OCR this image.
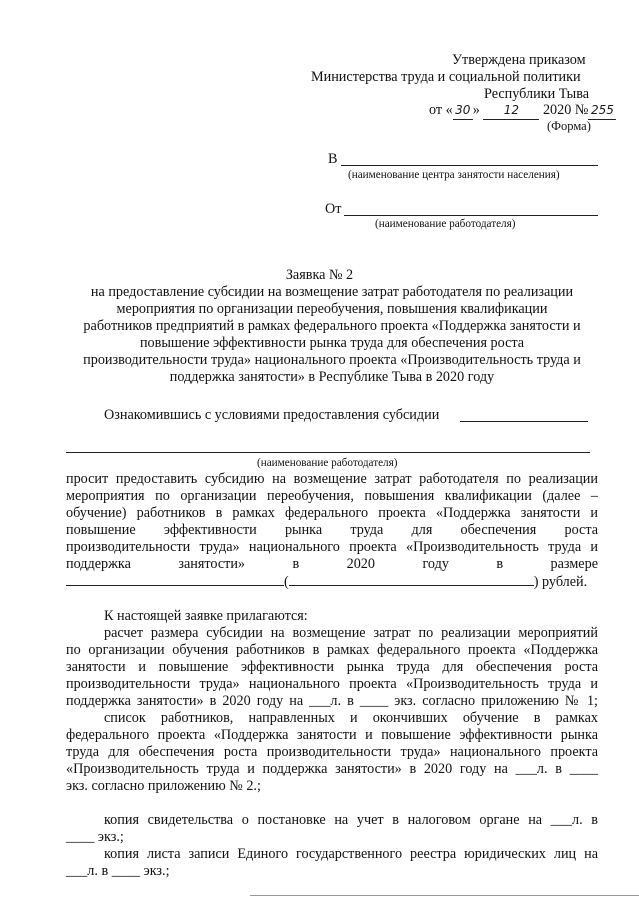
Утверждена приказом
Министерства труда и социальной политики
Республики Тыва
от « 30 » 12 2020 № 255
(Форма)
В
(наименование центра занятости населения)
От
(наименование работодателя)
Заявка № 2
на предоставление субсидии на возмещение затрат работодателя по реализации
мероприятия по организации переобучения, повышения квалификации
работников предприятий в рамках федерального проекта «Поддержка занятости и
повышение эффективности рынка труда для обеспечения роста
производительности труда» национального проекта «Производительность труда и
поддержка занятости» в Республике Тыва в 2020 году
Ознакомившись с условиями предоставления субсидии
(наименование работодателя)
просит предоставить субсидию на возмещение затрат работодателя по реализации
мероприятия по организации переобучения, повышения квалификации (далее –
обучение) работников в рамках федерального проекта «Поддержка занятости и
повышение эффективности рынка труда для обеспечения роста
производительности труда» национального проекта «Производительность труда и
поддержка занятости» в 2020 году в размере
(	) рублей.
К настоящей заявке прилагаются:
расчет размера субсидии на возмещение затрат по реализации мероприятий
по организации обучения работников в рамках федерального проекта «Поддержка
занятости и повышение эффективности рынка труда для обеспечения роста
производительности труда» национального проекта «Производительность труда и
поддержка занятости» в 2020 году на ___л. в ____ экз. согласно приложению № 1;
список работников, направленных и окончивших обучение в рамках
федерального проекта «Поддержка занятости и повышение эффективности рынка
труда для обеспечения роста производительности труда» национального проекта
«Производительность труда и поддержка занятости» в 2020 году на ___л. в ____
экз. согласно приложению № 2.;
копия свидетельства о постановке на учет в налоговом органе на ___л. в
____ экз.;
копия листа записи Единого государственного реестра юридических лиц на
___л. в ____ экз.;
